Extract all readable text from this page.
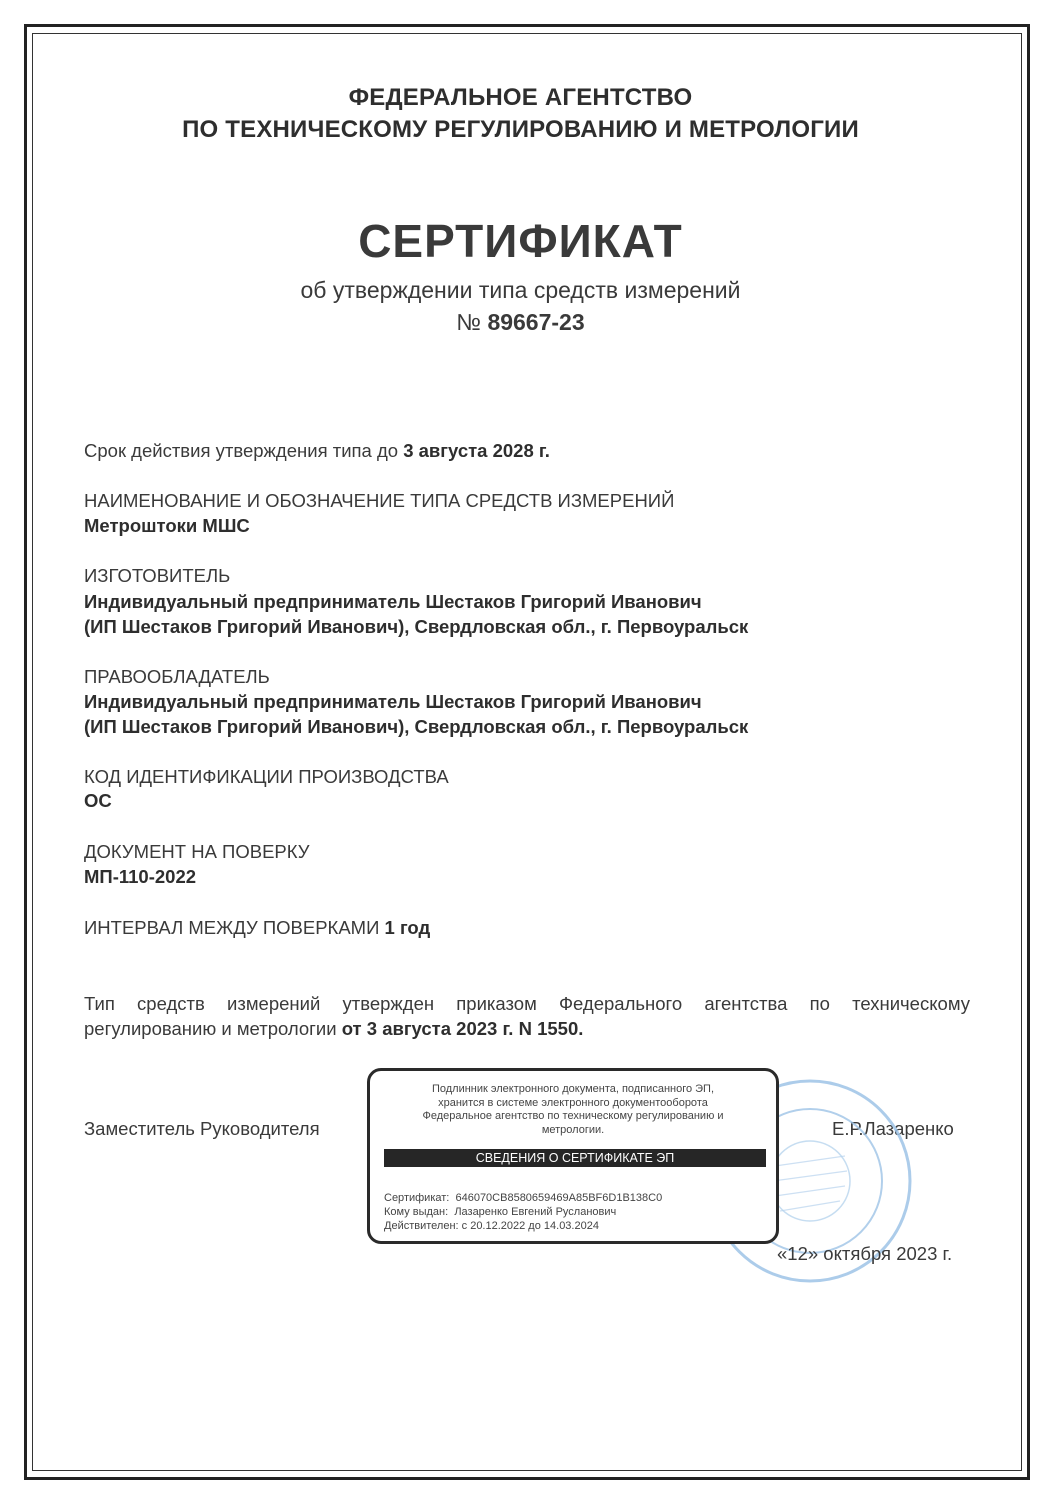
ФЕДЕРАЛЬНОЕ АГЕНТСТВО
ПО ТЕХНИЧЕСКОМУ РЕГУЛИРОВАНИЮ И МЕТРОЛОГИИ
СЕРТИФИКАТ
об утверждении типа средств измерений
№ 89667-23
Срок действия утверждения типа до 3 августа 2028 г.
НАИМЕНОВАНИЕ И ОБОЗНАЧЕНИЕ ТИПА СРЕДСТВ ИЗМЕРЕНИЙ
Метроштоки МШС
ИЗГОТОВИТЕЛЬ
Индивидуальный предприниматель Шестаков Григорий Иванович
(ИП Шестаков Григорий Иванович), Свердловская обл., г. Первоуральск
ПРАВООБЛАДАТЕЛЬ
Индивидуальный предприниматель Шестаков Григорий Иванович
(ИП Шестаков Григорий Иванович), Свердловская обл., г. Первоуральск
КОД ИДЕНТИФИКАЦИИ ПРОИЗВОДСТВА
ОС
ДОКУМЕНТ НА ПОВЕРКУ
МП-110-2022
ИНТЕРВАЛ МЕЖДУ ПОВЕРКАМИ 1 год
Тип средств измерений утвержден приказом Федерального агентства по техническому регулированию и метрологии от 3 августа 2023 г. N 1550.
Заместитель Руководителя	Е.Р.Лазаренко
Подлинник электронного документа, подписанного ЭП,
хранится в системе электронного документооборота
Федеральное агентство по техническому регулированию и
метрологии.
СВЕДЕНИЯ О СЕРТИФИКАТЕ ЭП
Сертификат: 646070CB8580659469A85BF6D1B138C0
Кому выдан: Лазаренко Евгений Русланович
Действителен: с 20.12.2022 до 14.03.2024
«12» октября 2023 г.
